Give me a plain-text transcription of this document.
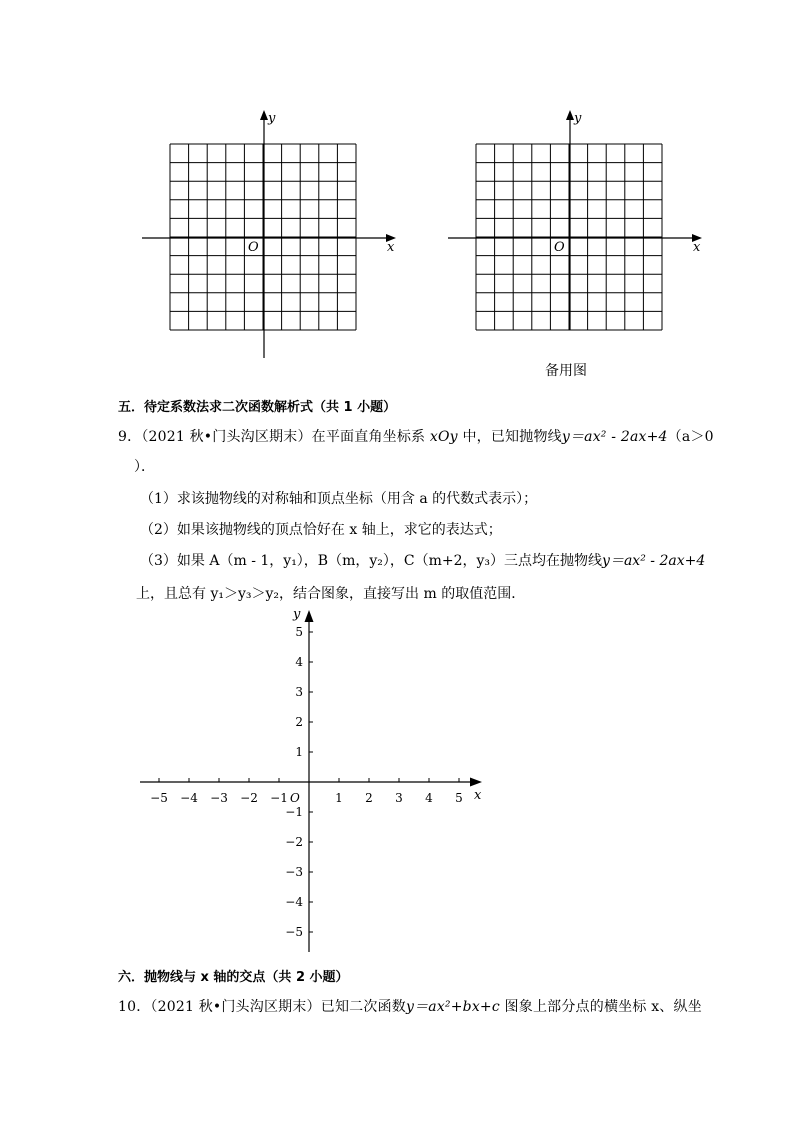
x
y
O	x
y
O
备用图
五．待定系数法求二次函数解析式（共 1 小题）
9．（2021 秋•门头沟区期末）在平面直角坐标系 xOy 中，已知抛物线y＝ax² - 2ax+4（a＞0
）．
（1）求该抛物线的对称轴和顶点坐标（用含 a 的代数式表示）；
（2）如果该抛物线的顶点恰好在 x 轴上，求它的表达式；
（3）如果 A（m - 1，y₁），B（m，y₂），C（m+2，y₃）三点均在抛物线y＝ax² - 2ax+4
上，且总有 y₁＞y₃＞y₂，结合图象，直接写出 m 的取值范围．
x
y
O
−5 −4 −3 −2 −1	1 2 3 4 5
5
4
3
2
1
−1
−2
−3
−4
−5
六．抛物线与 x 轴的交点（共 2 小题）
10．（2021 秋•门头沟区期末）已知二次函数y＝ax²+bx+c 图象上部分点的横坐标 x、纵坐
